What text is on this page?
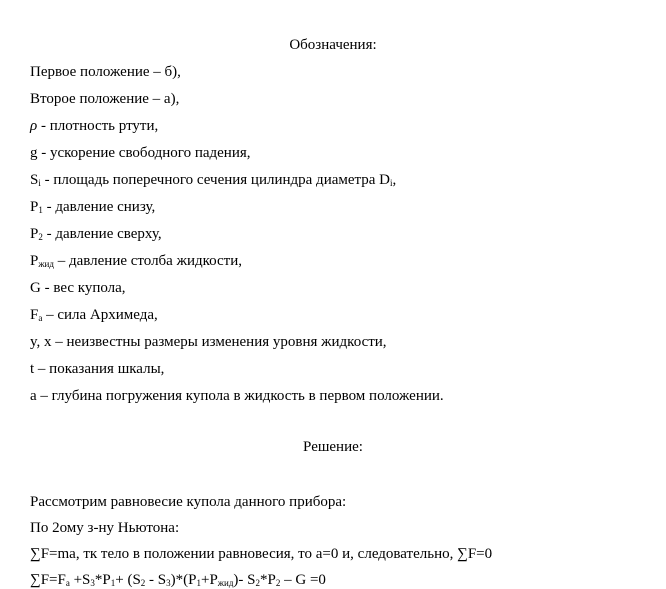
Обозначения:
Первое положение – б),
Второе положение – а),
ρ - плотность ртути,
g - ускорение свободного падения,
$S_i$ - площадь поперечного сечения цилиндра диаметра $D_i$,
$P_1$ - давление снизу,
$P_2$ - давление сверху,
$P_{жид}$ – давление столба жидкости,
G - вес купола,
$F_a$ – сила Архимеда,
y, x – неизвестны размеры изменения уровня жидкости,
t – показания шкалы,
а – глубина погружения купола в жидкость в первом положении.
Решение:
Рассмотрим равновесие купола данного прибора:
По 2ому з-ну Ньютона:
∑F=ma, тк тело в положении равновесия, то а=0 и, следовательно, ∑F=0
$\sum F=F_a +S_3*P_1+ (S_2 - S_3)*(P_1+P_{жид})-$ $S_2*P_2 - G =0$
